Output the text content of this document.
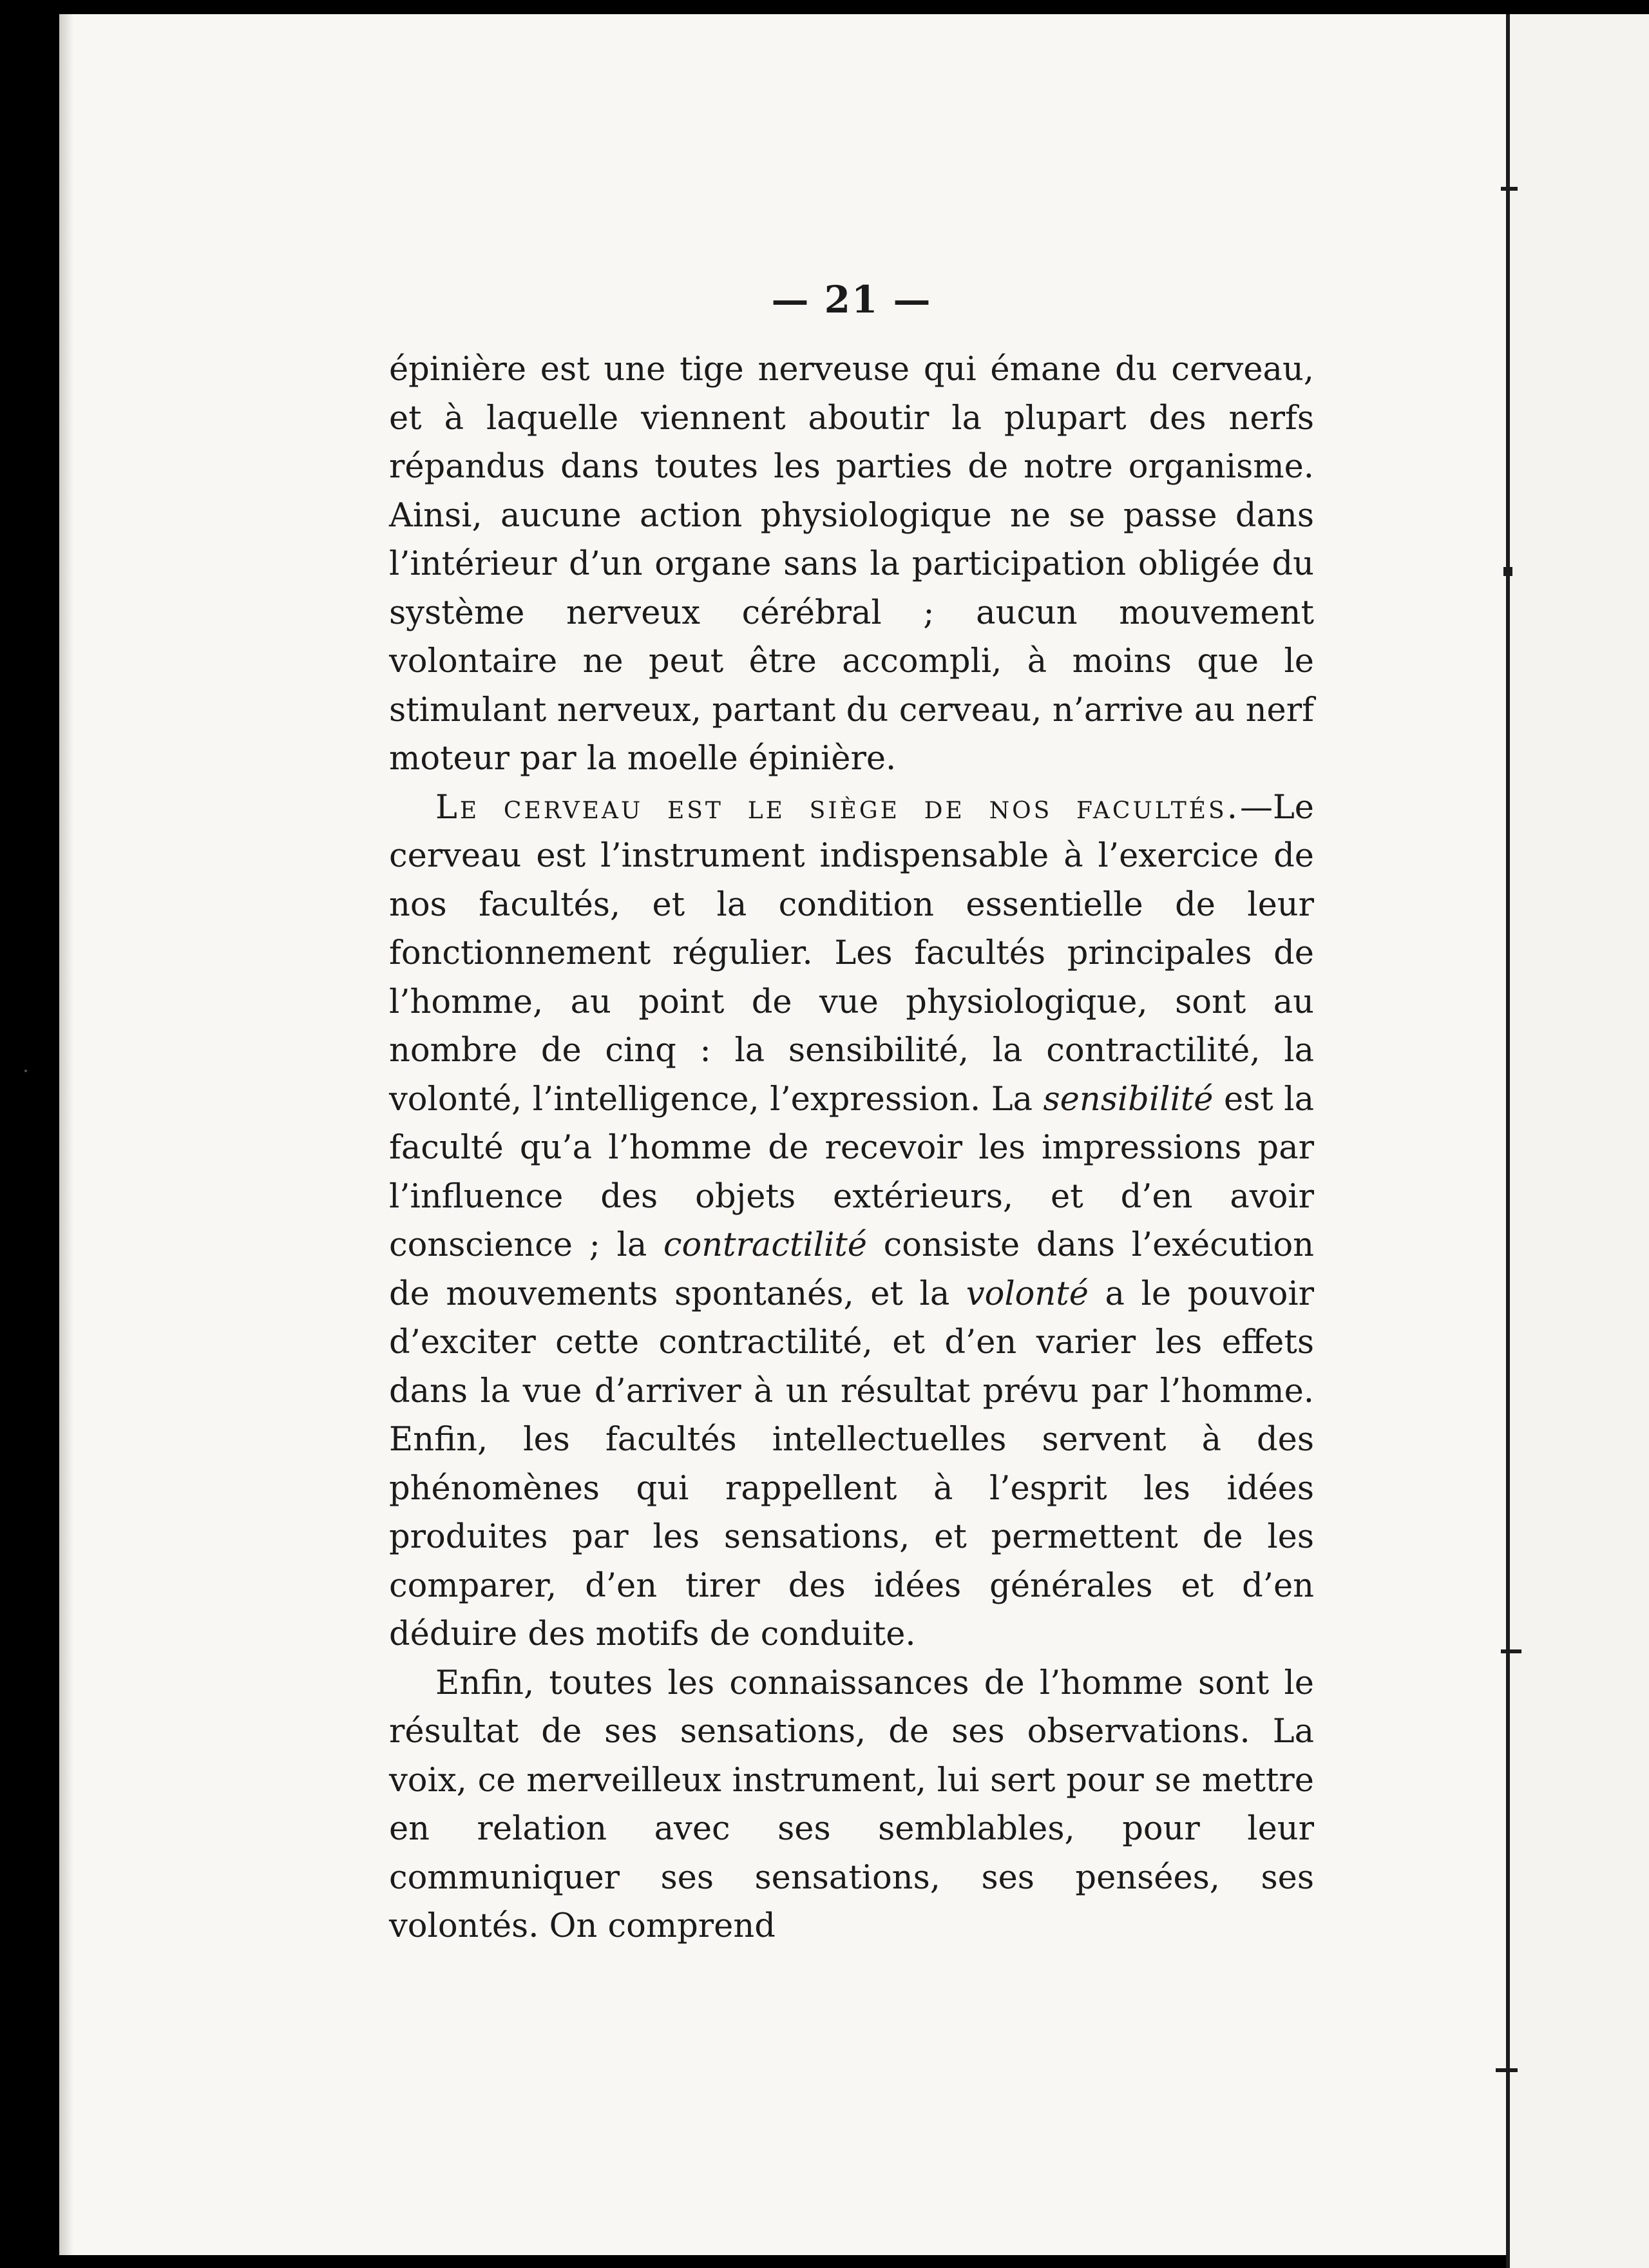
— 21 —

épinière est une tige nerveuse qui émane du cerveau, et à laquelle viennent aboutir la plupart des nerfs répandus dans toutes les parties de notre organisme. Ainsi, aucune action physiologique ne se passe dans l’intérieur d’un organe sans la participation obligée du système nerveux cérébral ; aucun mouvement volontaire ne peut être accompli, à moins que le stimulant nerveux, partant du cerveau, n’arrive au nerf moteur par la moelle épinière.

Le cerveau est le siège de nos facultés.—Le cerveau est l’instrument indispensable à l’exercice de nos facultés, et la condition essentielle de leur fonctionnement régulier. Les facultés principales de l’homme, au point de vue physiologique, sont au nombre de cinq : la sensibilité, la contractilité, la volonté, l’intelligence, l’expression. La sensibilité est la faculté qu’a l’homme de recevoir les impressions par l’influence des objets extérieurs, et d’en avoir conscience ; la contractilité consiste dans l’exécution de mouvements spontanés, et la volonté a le pouvoir d’exciter cette contractilité, et d’en varier les effets dans la vue d’arriver à un résultat prévu par l’homme. Enfin, les facultés intellectuelles servent à des phénomènes qui rappellent à l’esprit les idées produites par les sensations, et permettent de les comparer, d’en tirer des idées générales et d’en déduire des motifs de conduite.

Enfin, toutes les connaissances de l’homme sont le résultat de ses sensations, de ses observations. La voix, ce merveilleux instrument, lui sert pour se mettre en relation avec ses semblables, pour leur communiquer ses sensations, ses pensées, ses volontés. On comprend
